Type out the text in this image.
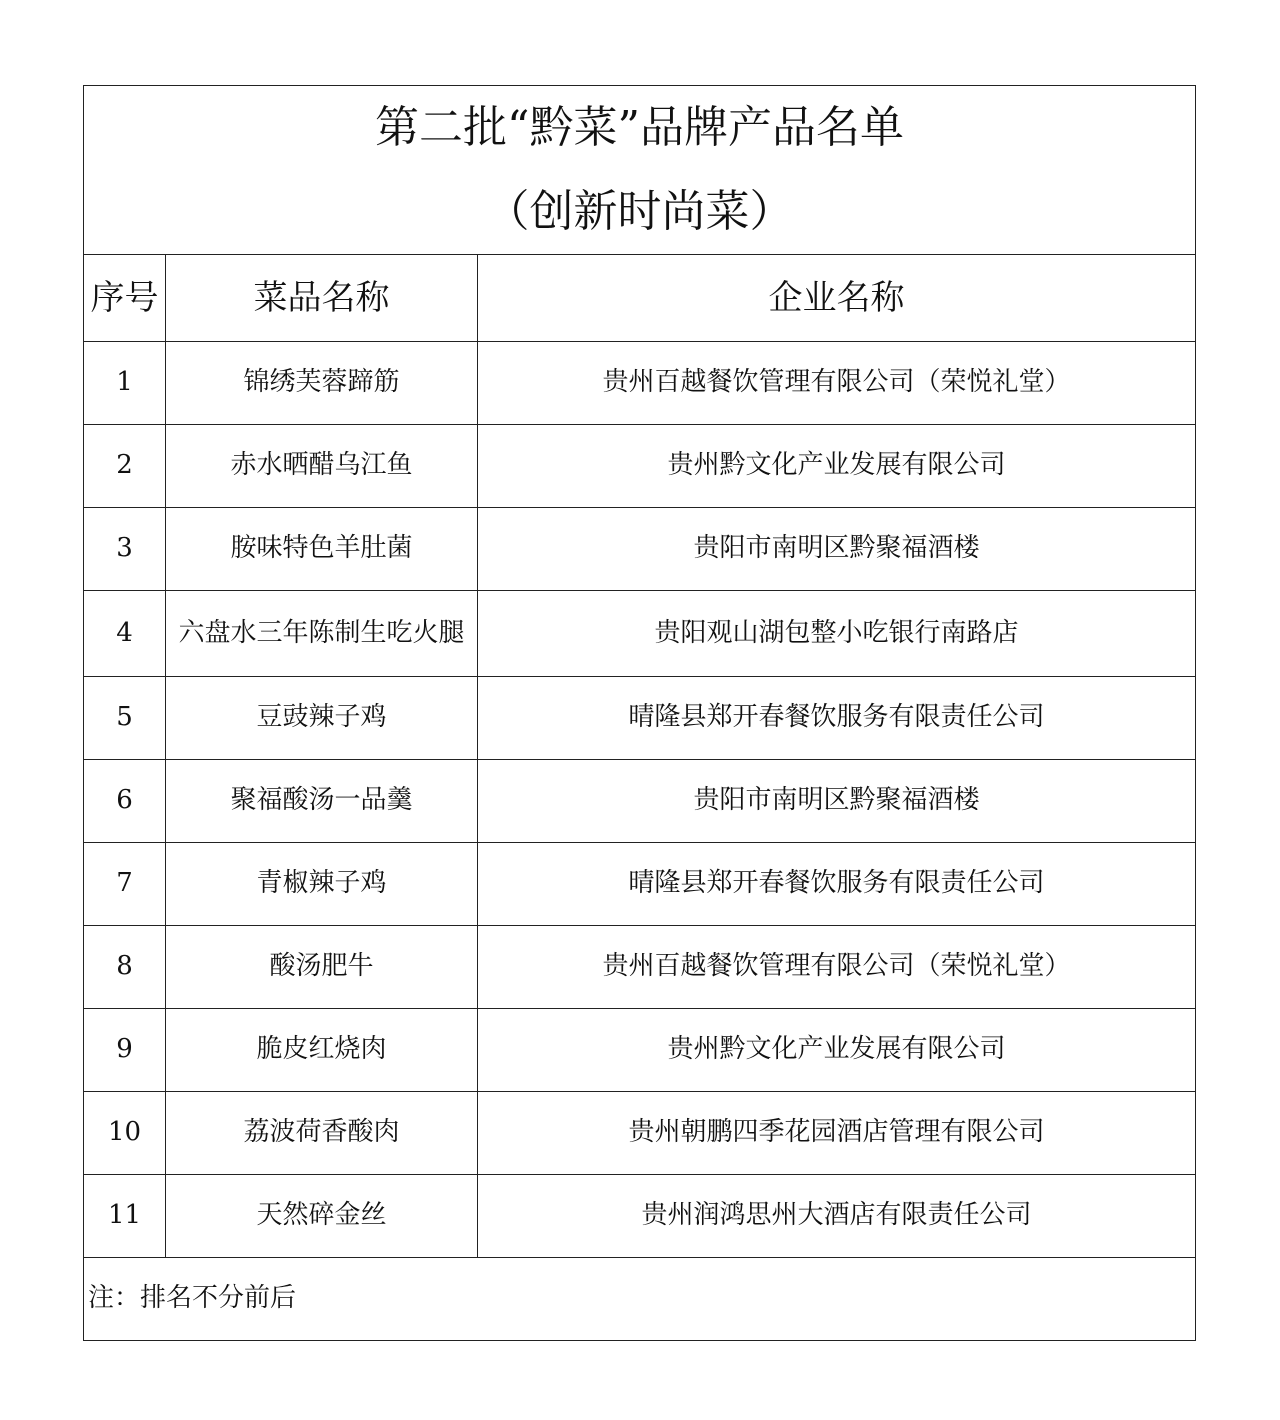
第二批“黔菜”品牌产品名单
（创新时尚菜）		

序号	菜品名称	企业名称
1	锦绣芙蓉蹄筋	贵州百越餐饮管理有限公司（荣悦礼堂）
2	赤水晒醋乌江鱼	贵州黔文化产业发展有限公司
3	胺味特色羊肚菌	贵阳市南明区黔聚福酒楼
4	六盘水三年陈制生吃火腿	贵阳观山湖包整小吃银行南路店
5	豆豉辣子鸡	晴隆县郑开春餐饮服务有限责任公司
6	聚福酸汤一品羹	贵阳市南明区黔聚福酒楼
7	青椒辣子鸡	晴隆县郑开春餐饮服务有限责任公司
8	酸汤肥牛	贵州百越餐饮管理有限公司（荣悦礼堂）
9	脆皮红烧肉	贵州黔文化产业发展有限公司
10	荔波荷香酸肉	贵州朝鹏四季花园酒店管理有限公司
11	天然碎金丝	贵州润鸿思州大酒店有限责任公司
注：排名不分前后		
